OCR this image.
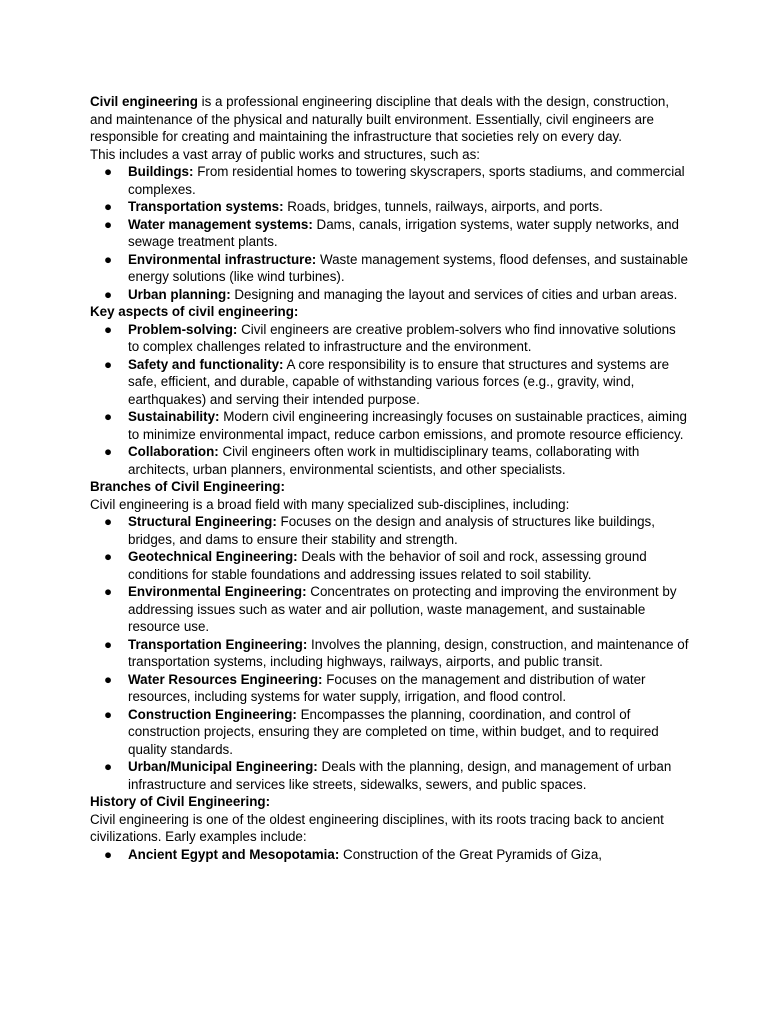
Civil engineering is a professional engineering discipline that deals with the design, construction, and maintenance of the physical and naturally built environment. Essentially, civil engineers are responsible for creating and maintaining the infrastructure that societies rely on every day.

This includes a vast array of public works and structures, such as:

● Buildings: From residential homes to towering skyscrapers, sports stadiums, and commercial complexes.
● Transportation systems: Roads, bridges, tunnels, railways, airports, and ports.
● Water management systems: Dams, canals, irrigation systems, water supply networks, and sewage treatment plants.
● Environmental infrastructure: Waste management systems, flood defenses, and sustainable energy solutions (like wind turbines).
● Urban planning: Designing and managing the layout and services of cities and urban areas.
Key aspects of civil engineering:
● Problem-solving: Civil engineers are creative problem-solvers who find innovative solutions to complex challenges related to infrastructure and the environment.
● Safety and functionality: A core responsibility is to ensure that structures and systems are safe, efficient, and durable, capable of withstanding various forces (e.g., gravity, wind, earthquakes) and serving their intended purpose.
● Sustainability: Modern civil engineering increasingly focuses on sustainable practices, aiming to minimize environmental impact, reduce carbon emissions, and promote resource efficiency.
● Collaboration: Civil engineers often work in multidisciplinary teams, collaborating with architects, urban planners, environmental scientists, and other specialists.
Branches of Civil Engineering:

Civil engineering is a broad field with many specialized sub-disciplines, including:

● Structural Engineering: Focuses on the design and analysis of structures like buildings, bridges, and dams to ensure their stability and strength.
● Geotechnical Engineering: Deals with the behavior of soil and rock, assessing ground conditions for stable foundations and addressing issues related to soil stability.
● Environmental Engineering: Concentrates on protecting and improving the environment by addressing issues such as water and air pollution, waste management, and sustainable resource use.
● Transportation Engineering: Involves the planning, design, construction, and maintenance of transportation systems, including highways, railways, airports, and public transit.
● Water Resources Engineering: Focuses on the management and distribution of water resources, including systems for water supply, irrigation, and flood control.
● Construction Engineering: Encompasses the planning, coordination, and control of construction projects, ensuring they are completed on time, within budget, and to required quality standards.
● Urban/Municipal Engineering: Deals with the planning, design, and management of urban infrastructure and services like streets, sidewalks, sewers, and public spaces.
History of Civil Engineering:

Civil engineering is one of the oldest engineering disciplines, with its roots tracing back to ancient civilizations. Early examples include:

● Ancient Egypt and Mesopotamia: Construction of the Great Pyramids of Giza,
